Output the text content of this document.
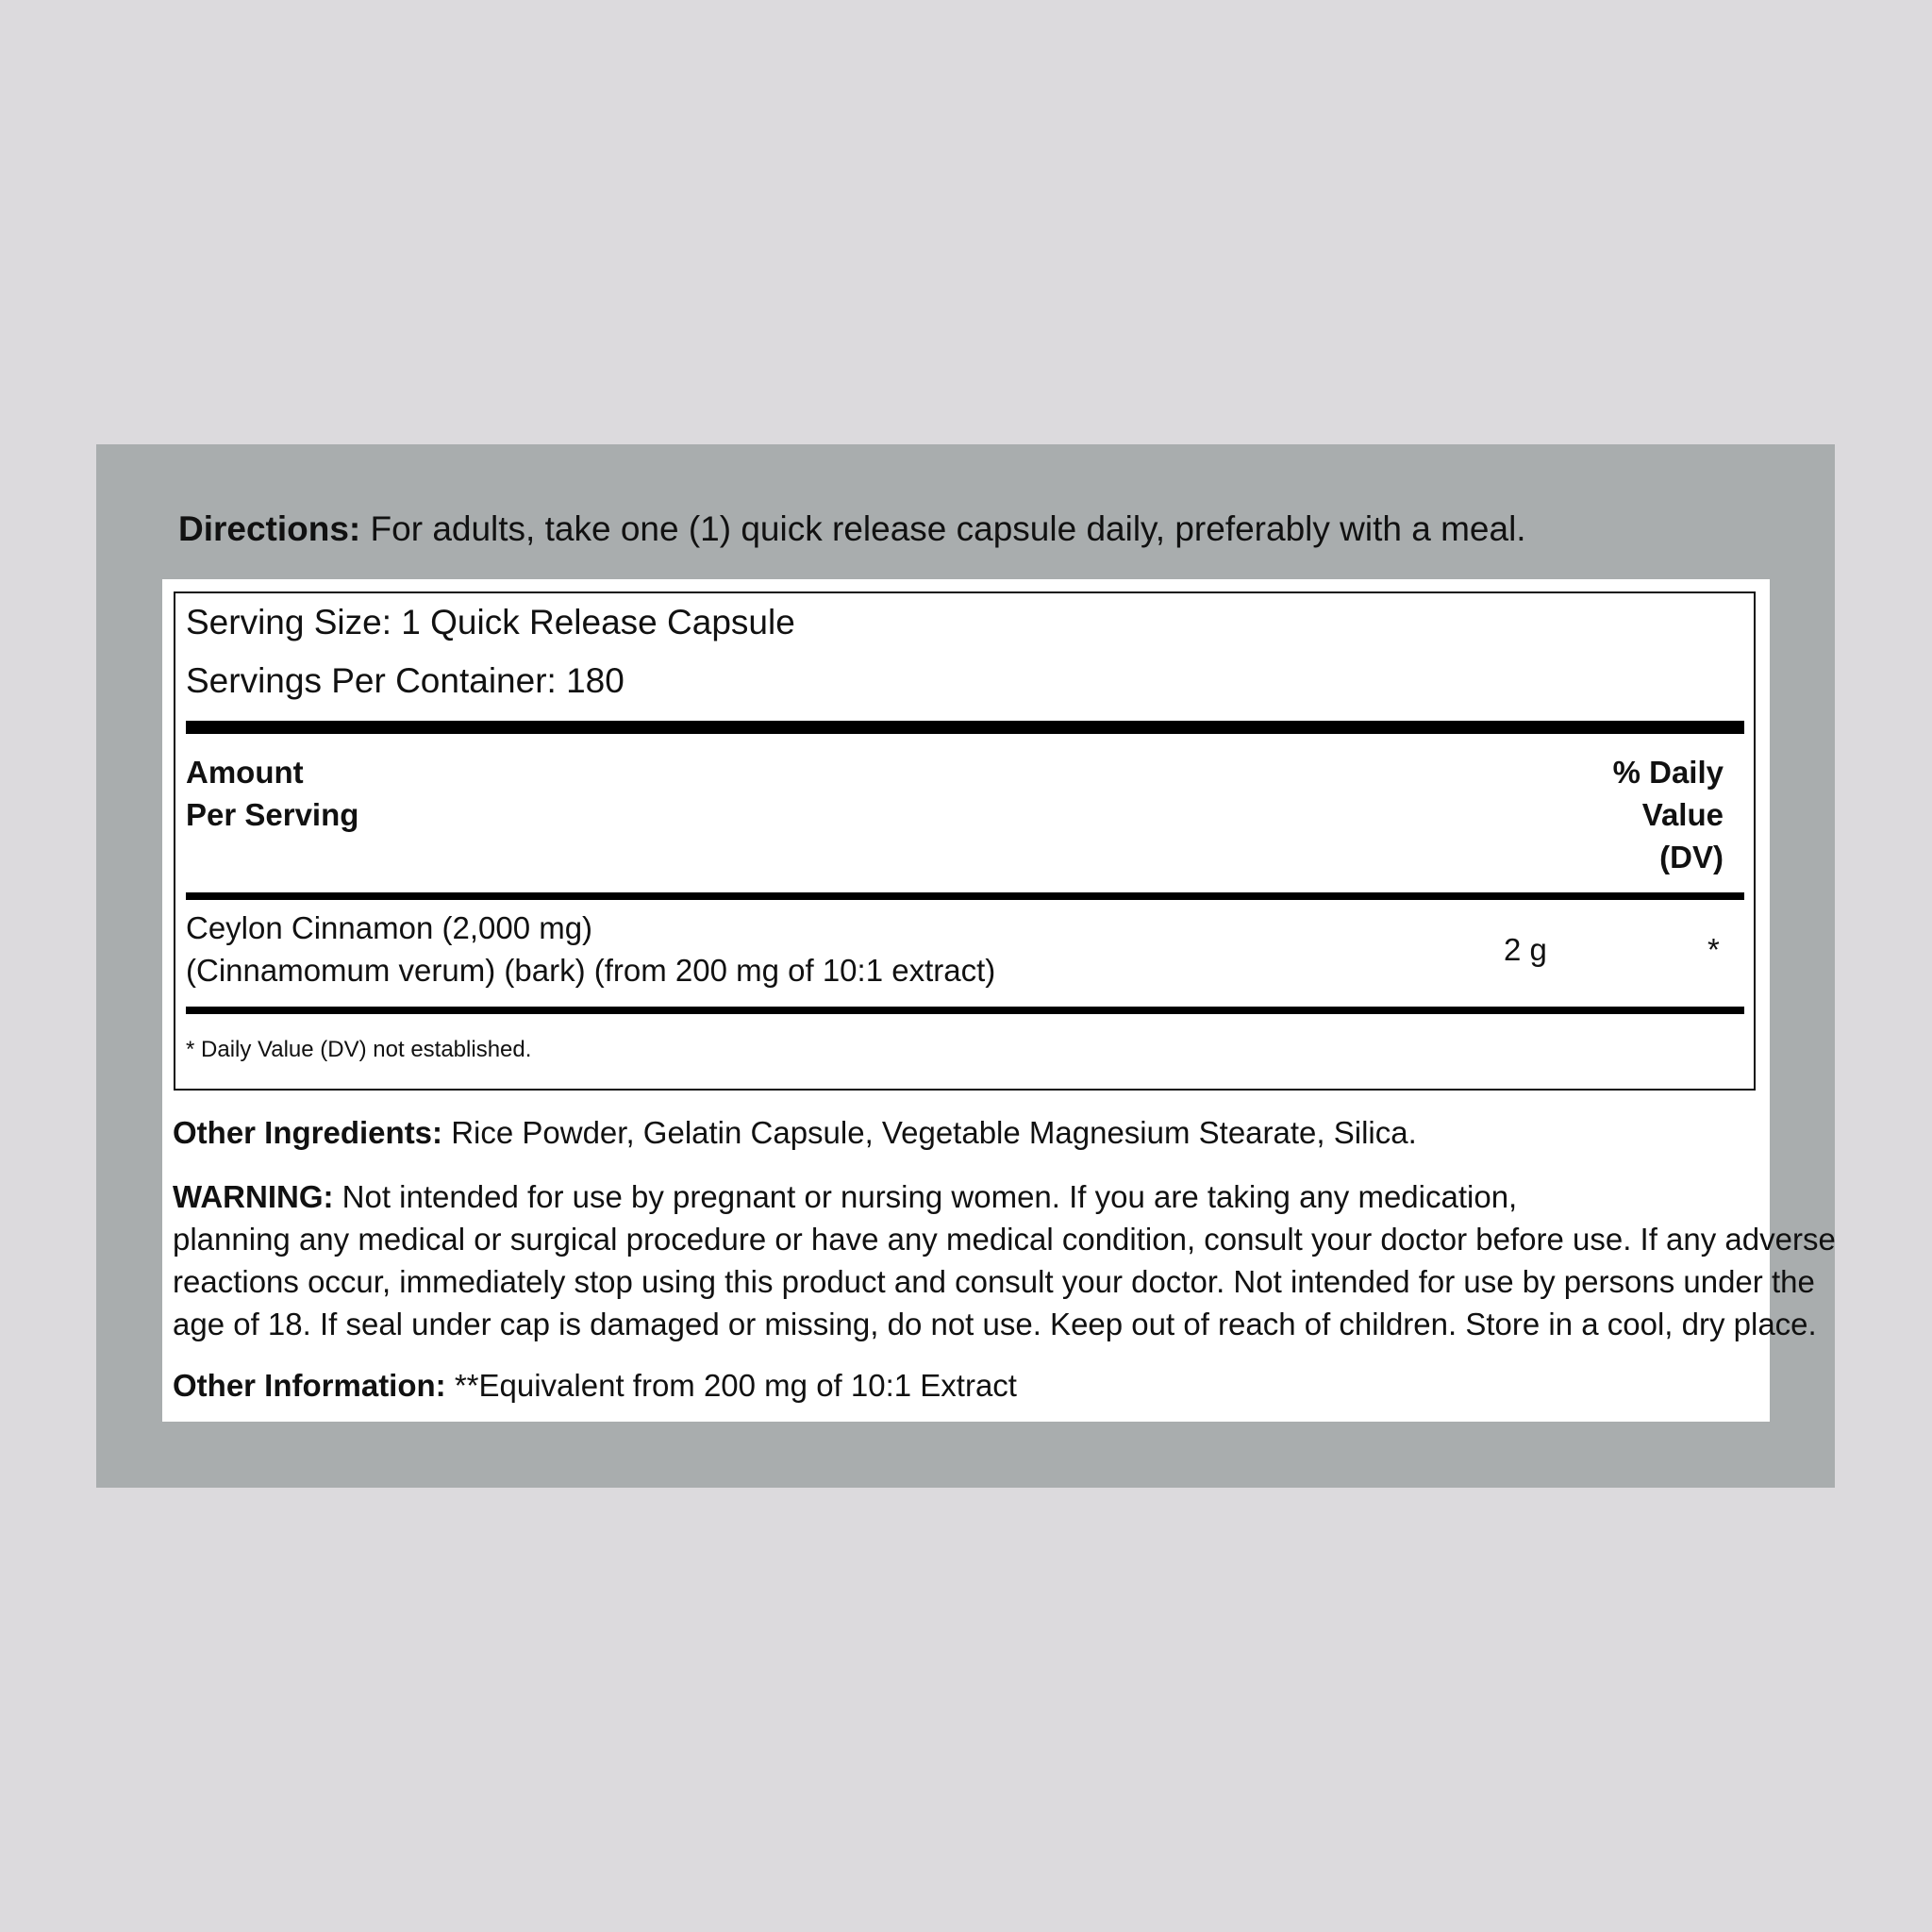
Directions: For adults, take one (1) quick release capsule daily, preferably with a meal.
Serving Size: 1 Quick Release Capsule
Servings Per Container: 180
Amount
Per Serving
% Daily
Value
(DV)
Ceylon Cinnamon (2,000 mg)
(Cinnamomum verum) (bark) (from 200 mg of 10:1 extract)
2 g	*
* Daily Value (DV) not established.
Other Ingredients: Rice Powder, Gelatin Capsule, Vegetable Magnesium Stearate, Silica.
WARNING: Not intended for use by pregnant or nursing women. If you are taking any medication,
planning any medical or surgical procedure or have any medical condition, consult your doctor before use. If any adverse
reactions occur, immediately stop using this product and consult your doctor. Not intended for use by persons under the
age of 18. If seal under cap is damaged or missing, do not use. Keep out of reach of children. Store in a cool, dry place.
Other Information: **Equivalent from 200 mg of 10:1 Extract
